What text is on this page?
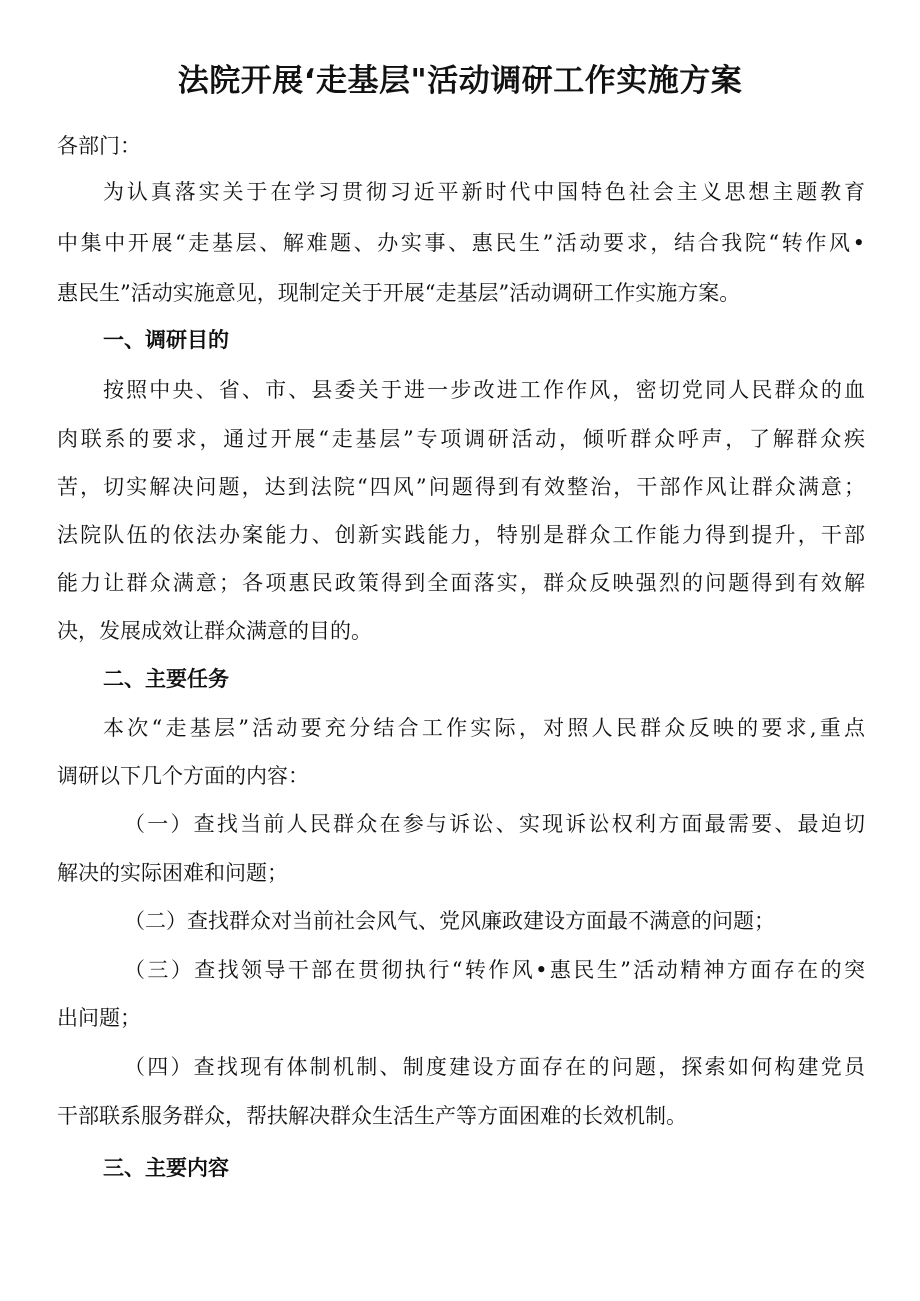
法院开展‘走基层"活动调研工作实施方案

各部门：

为认真落实关于在学习贯彻习近平新时代中国特色社会主义思想主题教育

中集中开展“走基层、解难题、办实事、惠民生”活动要求，结合我院“转作风•

惠民生”活动实施意见，现制定关于开展“走基层”活动调研工作实施方案。

一、调研目的

按照中央、省、市、县委关于进一步改进工作作风，密切党同人民群众的血

肉联系的要求，通过开展“走基层”专项调研活动，倾听群众呼声，了解群众疾

苦，切实解决问题，达到法院“四风”问题得到有效整治，干部作风让群众满意；

法院队伍的依法办案能力、创新实践能力，特别是群众工作能力得到提升，干部

能力让群众满意；各项惠民政策得到全面落实，群众反映强烈的问题得到有效解

决，发展成效让群众满意的目的。

二、主要任务

本次“走基层”活动要充分结合工作实际，对照人民群众反映的要求,重点

调研以下几个方面的内容：

（一）查找当前人民群众在参与诉讼、实现诉讼权利方面最需要、最迫切

解决的实际困难和问题；

（二）查找群众对当前社会风气、党风廉政建设方面最不满意的问题；

（三）查找领导干部在贯彻执行“转作风•惠民生”活动精神方面存在的突

出问题；

（四）查找现有体制机制、制度建设方面存在的问题，探索如何构建党员

干部联系服务群众，帮扶解决群众生活生产等方面困难的长效机制。

三、主要内容
